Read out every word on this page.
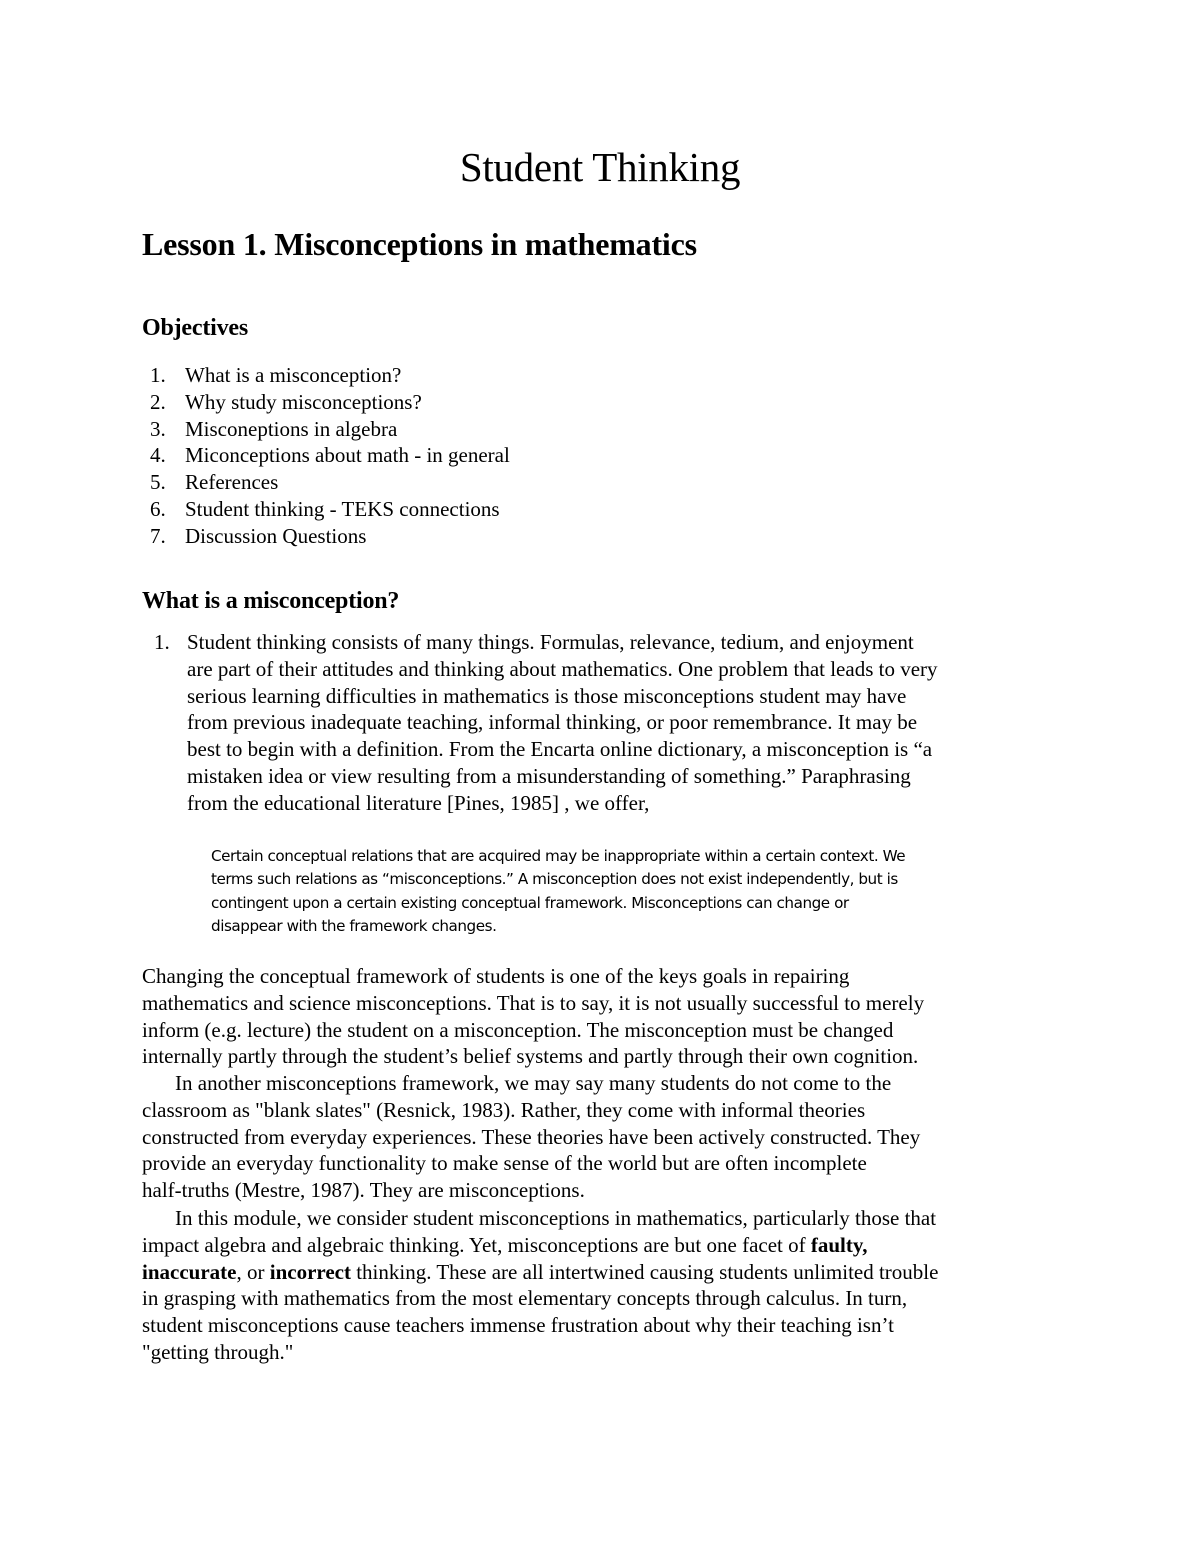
Student Thinking
Lesson 1. Misconceptions in mathematics
Objectives
1. What is a misconception?
2. Why study misconceptions?
3. Misconeptions in algebra
4. Miconceptions about math - in general
5. References
6. Student thinking - TEKS connections
7. Discussion Questions
What is a misconception?
1. Student thinking consists of many things. Formulas, relevance, tedium, and enjoyment
are part of their attitudes and thinking about mathematics. One problem that leads to very
serious learning difficulties in mathematics is those misconceptions student may have
from previous inadequate teaching, informal thinking, or poor remembrance. It may be
best to begin with a definition. From the Encarta online dictionary, a misconception is “a
mistaken idea or view resulting from a misunderstanding of something.” Paraphrasing
from the educational literature [Pines, 1985] , we offer,
Certain conceptual relations that are acquired may be inappropriate within a certain context. We
terms such relations as “misconceptions.” A misconception does not exist independently, but is
contingent upon a certain existing conceptual framework. Misconceptions can change or
disappear with the framework changes.
Changing the conceptual framework of students is one of the keys goals in repairing
mathematics and science misconceptions. That is to say, it is not usually successful to merely
inform (e.g. lecture) the student on a misconception. The misconception must be changed
internally partly through the student’s belief systems and partly through their own cognition.
In another misconceptions framework, we may say many students do not come to the
classroom as "blank slates" (Resnick, 1983). Rather, they come with informal theories
constructed from everyday experiences. These theories have been actively constructed. They
provide an everyday functionality to make sense of the world but are often incomplete
half-truths (Mestre, 1987). They are misconceptions.
In this module, we consider student misconceptions in mathematics, particularly those that
impact algebra and algebraic thinking. Yet, misconceptions are but one facet of faulty,
inaccurate, or incorrect thinking. These are all intertwined causing students unlimited trouble
in grasping with mathematics from the most elementary concepts through calculus. In turn,
student misconceptions cause teachers immense frustration about why their teaching isn’t
"getting through."
